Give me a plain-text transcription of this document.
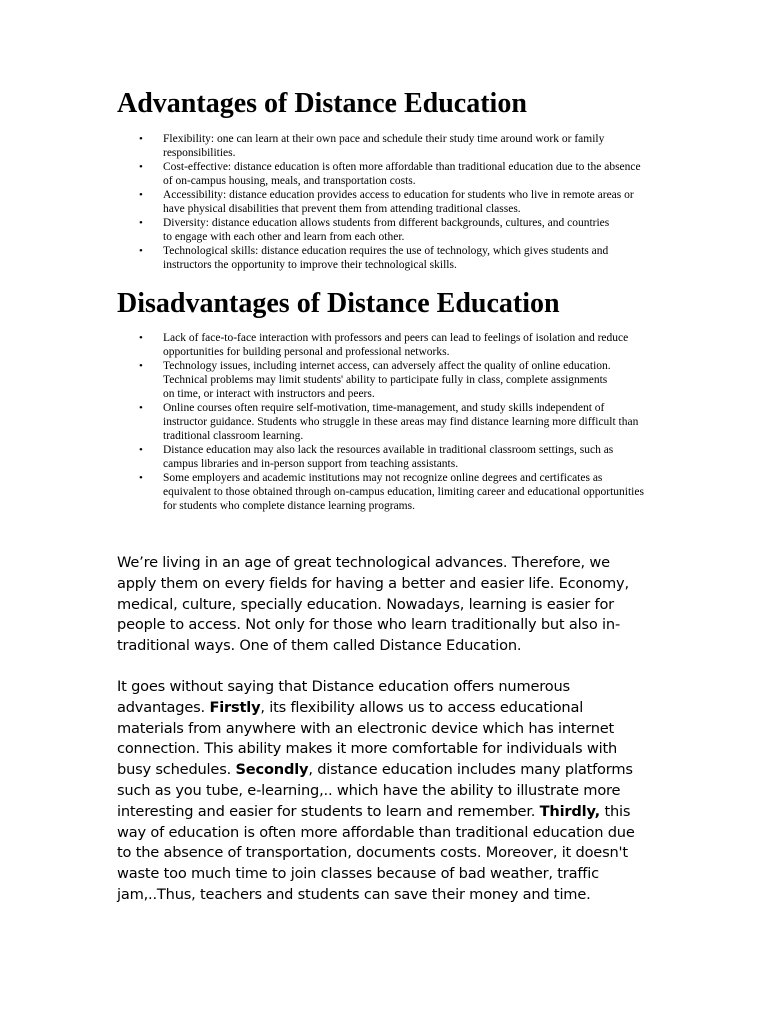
Advantages of Distance Education
• Flexibility: one can learn at their own pace and schedule their study time around work or family responsibilities.
• Cost-effective: distance education is often more affordable than traditional education due to the absence of on-campus housing, meals, and transportation costs.
• Accessibility: distance education provides access to education for students who live in remote areas or have physical disabilities that prevent them from attending traditional classes.
• Diversity: distance education allows students from different backgrounds, cultures, and countries to engage with each other and learn from each other.
• Technological skills: distance education requires the use of technology, which gives students and instructors the opportunity to improve their technological skills.
Disadvantages of Distance Education
• Lack of face-to-face interaction with professors and peers can lead to feelings of isolation and reduce opportunities for building personal and professional networks.
• Technology issues, including internet access, can adversely affect the quality of online education. Technical problems may limit students' ability to participate fully in class, complete assignments on time, or interact with instructors and peers.
• Online courses often require self-motivation, time-management, and study skills independent of instructor guidance. Students who struggle in these areas may find distance learning more difficult than traditional classroom learning.
• Distance education may also lack the resources available in traditional classroom settings, such as campus libraries and in-person support from teaching assistants.
• Some employers and academic institutions may not recognize online degrees and certificates as equivalent to those obtained through on-campus education, limiting career and educational opportunities for students who complete distance learning programs.

We’re living in an age of great technological advances. Therefore, we apply them on every fields for having a better and easier life. Economy, medical, culture, specially education. Nowadays, learning is easier for people to access. Not only for those who learn traditionally but also in-traditional ways. One of them called Distance Education.

It goes without saying that Distance education offers numerous advantages. Firstly, its flexibility allows us to access educational materials from anywhere with an electronic device which has internet connection. This ability makes it more comfortable for individuals with busy schedules. Secondly, distance education includes many platforms such as you tube, e-learning,.. which have the ability to illustrate more interesting and easier for students to learn and remember. Thirdly, this way of education is often more affordable than traditional education due to the absence of transportation, documents costs. Moreover, it doesn't waste too much time to join classes because of bad weather, traffic jam,..Thus, teachers and students can save their money and time.
